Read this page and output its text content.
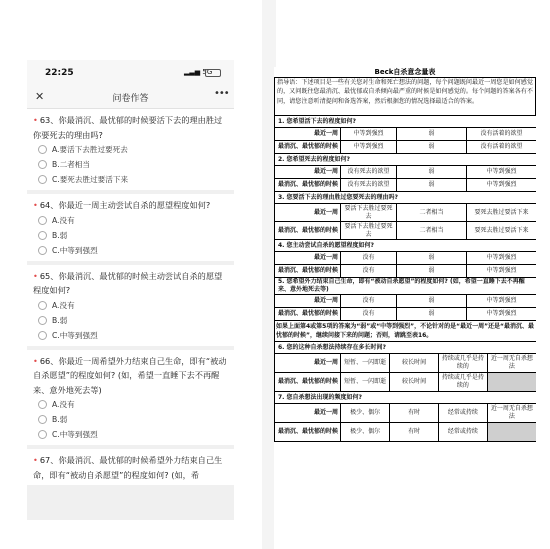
22:25	▂▃▅ 5G
✕	问卷作答	•••
• 63、你最消沉、最忧郁的时候要活下去的理由胜过你要死去的理由吗?
A.要活下去胜过要死去
B.二者相当
C.要死去胜过要活下来
• 64、你最近一周主动尝试自杀的愿望程度如何?
A.没有
B.弱
C.中等到强烈
• 65、你最消沉、最忧郁的时候主动尝试自杀的愿望程度如何?
A.没有
B.弱
C.中等到强烈
• 66、你最近一周希望外力结束自己生命，即有“被动自杀愿望”的程度如何? (如，希望一直睡下去不再醒来、意外地死去等)
A.没有
B.弱
C.中等到强烈
• 67、你最消沉、最忧郁的时候希望外力结束自己生命，即有“被动自杀愿望”的程度如何? (如，希
Beck自杀意念量表
指导语：下述项目是一些有关您对生命和死亡想法的问题，每个问题既问最近一周您是如何感觉的，又问既往您最消沉、最忧郁或自杀倾向最严重的时候是如何感觉的。每个问题的答案各有不同，请您注意听清提问和备选答案，然后根据您的情况选择最适合的答案。
1. 您希望活下去的程度如何?
最近一周	中等到强烈	弱	没有活着的欲望
最消沉、最忧郁的时候	中等到强烈	弱	没有活着的欲望
2. 您希望死去的程度如何?
最近一周	没有死去的欲望	弱	中等到强烈
最消沉、最忧郁的时候	没有死去的欲望	弱	中等到强烈
3. 您要活下去的理由胜过您要死去的理由吗?
最近一周	要活下去胜过要死去	二者相当	要死去胜过要活下来
最消沉、最忧郁的时候	要活下去胜过要死去	二者相当	要死去胜过要活下来
4. 您主动尝试自杀的愿望程度如何?
最近一周	没有	弱	中等到强烈
最消沉、最忧郁的时候	没有	弱	中等到强烈
5. 您希望外力结束自己生命，即有“被动自杀愿望”的程度如何? (如，希望一直睡下去不再醒来、意外地死去等)
最近一周	没有	弱	中等到强烈
最消沉、最忧郁的时候	没有	弱	中等到强烈
如果上面第4或第5项的答案为“弱”或“中等到强烈”，不论针对的是“最近一周”还是“最消沉、最忧郁的时候”，继续问接下来的问题；否则，请跳至表16。
6. 您的这种自杀想法持续存在多长时间?
最近一周	短暂、一闪即逝	较长时间	持续或几乎是持续的	近一周无自杀想法

最消沉、最忧郁的时候	短暂、一闪即逝	较长时间	持续或几乎是持续的	

7. 您自杀想法出现的频度如何?
最近一周	极少、偶尔	有时	经常或持续	近一周无自杀想法

最消沉、最忧郁的时候	极少、偶尔	有时	经常或持续	
